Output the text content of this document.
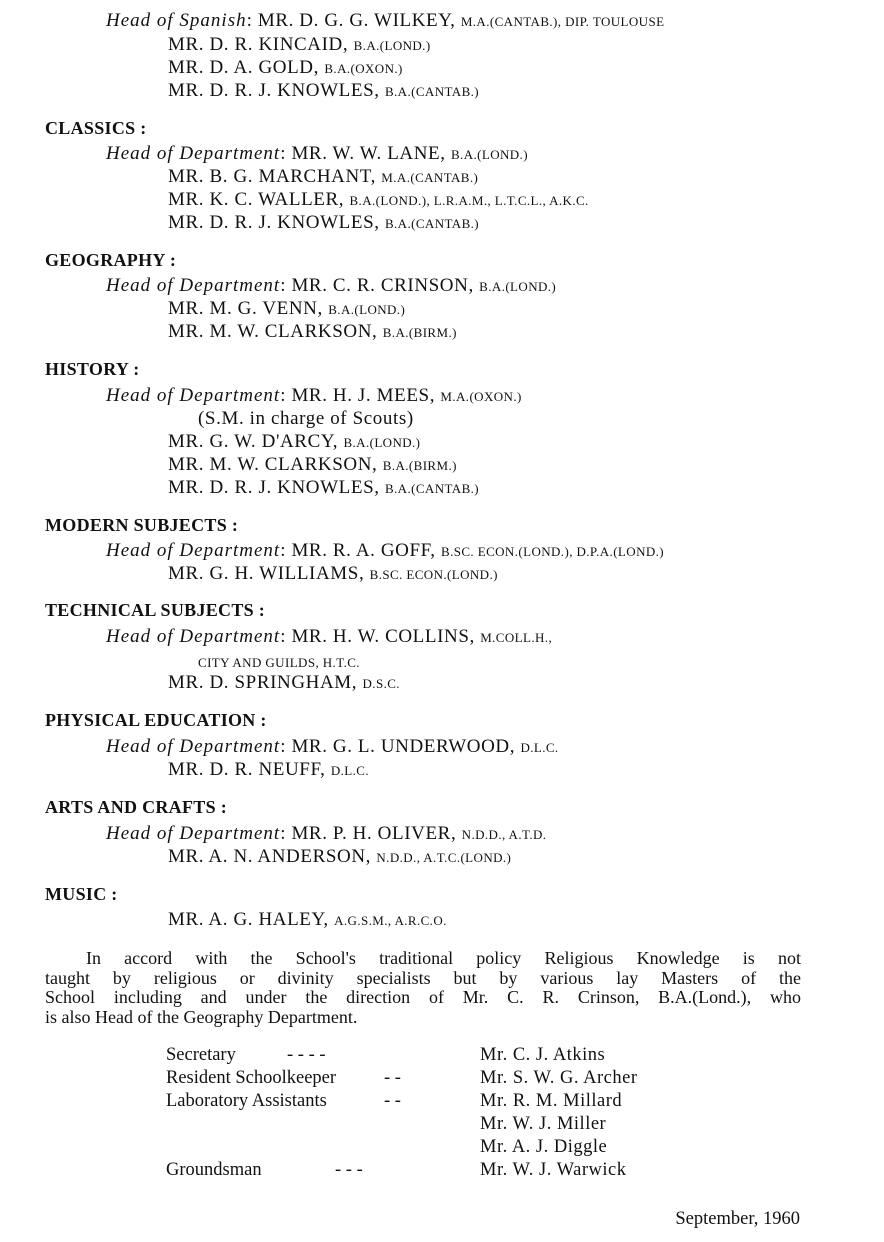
Head of Spanish: MR. D. G. G. WILKEY, M.A.(CANTAB.), DIP. TOULOUSE
MR. D. R. KINCAID, B.A.(LOND.)
MR. D. A. GOLD, B.A.(OXON.)
MR. D. R. J. KNOWLES, B.A.(CANTAB.)
CLASSICS :
Head of Department: MR. W. W. LANE, B.A.(LOND.)
MR. B. G. MARCHANT, M.A.(CANTAB.)
MR. K. C. WALLER, B.A.(LOND.), L.R.A.M., L.T.C.L., A.K.C.
MR. D. R. J. KNOWLES, B.A.(CANTAB.)
GEOGRAPHY :
Head of Department: MR. C. R. CRINSON, B.A.(LOND.)
MR. M. G. VENN, B.A.(LOND.)
MR. M. W. CLARKSON, B.A.(BIRM.)
HISTORY :
Head of Department: MR. H. J. MEES, M.A.(OXON.)
(S.M. in charge of Scouts)
MR. G. W. D'ARCY, B.A.(LOND.)
MR. M. W. CLARKSON, B.A.(BIRM.)
MR. D. R. J. KNOWLES, B.A.(CANTAB.)
MODERN SUBJECTS :
Head of Department: MR. R. A. GOFF, B.SC. ECON.(LOND.), D.P.A.(LOND.)
MR. G. H. WILLIAMS, B.SC. ECON.(LOND.)
TECHNICAL SUBJECTS :
Head of Department: MR. H. W. COLLINS, M.COLL.H.,
CITY AND GUILDS, H.T.C.
MR. D. SPRINGHAM, D.S.C.
PHYSICAL EDUCATION :
Head of Department: MR. G. L. UNDERWOOD, D.L.C.
MR. D. R. NEUFF, D.L.C.
ARTS AND CRAFTS :
Head of Department: MR. P. H. OLIVER, N.D.D., A.T.D.
MR. A. N. ANDERSON, N.D.D., A.T.C.(LOND.)
MUSIC :
MR. A. G. HALEY, A.G.S.M., A.R.C.O.
In accord with the School's traditional policy Religious Knowledge is not
taught by religious or divinity specialists but by various lay Masters of the
School including and under the direction of Mr. C. R. Crinson, B.A.(Lond.), who
is also Head of the Geography Department.
Secretary	- - - -	Mr. C. J. Atkins
Resident Schoolkeeper	- -	Mr. S. W. G. Archer
Laboratory Assistants	- -	Mr. R. M. Millard
Mr. W. J. Miller
Mr. A. J. Diggle
Groundsman	- - -	Mr. W. J. Warwick
September, 1960
